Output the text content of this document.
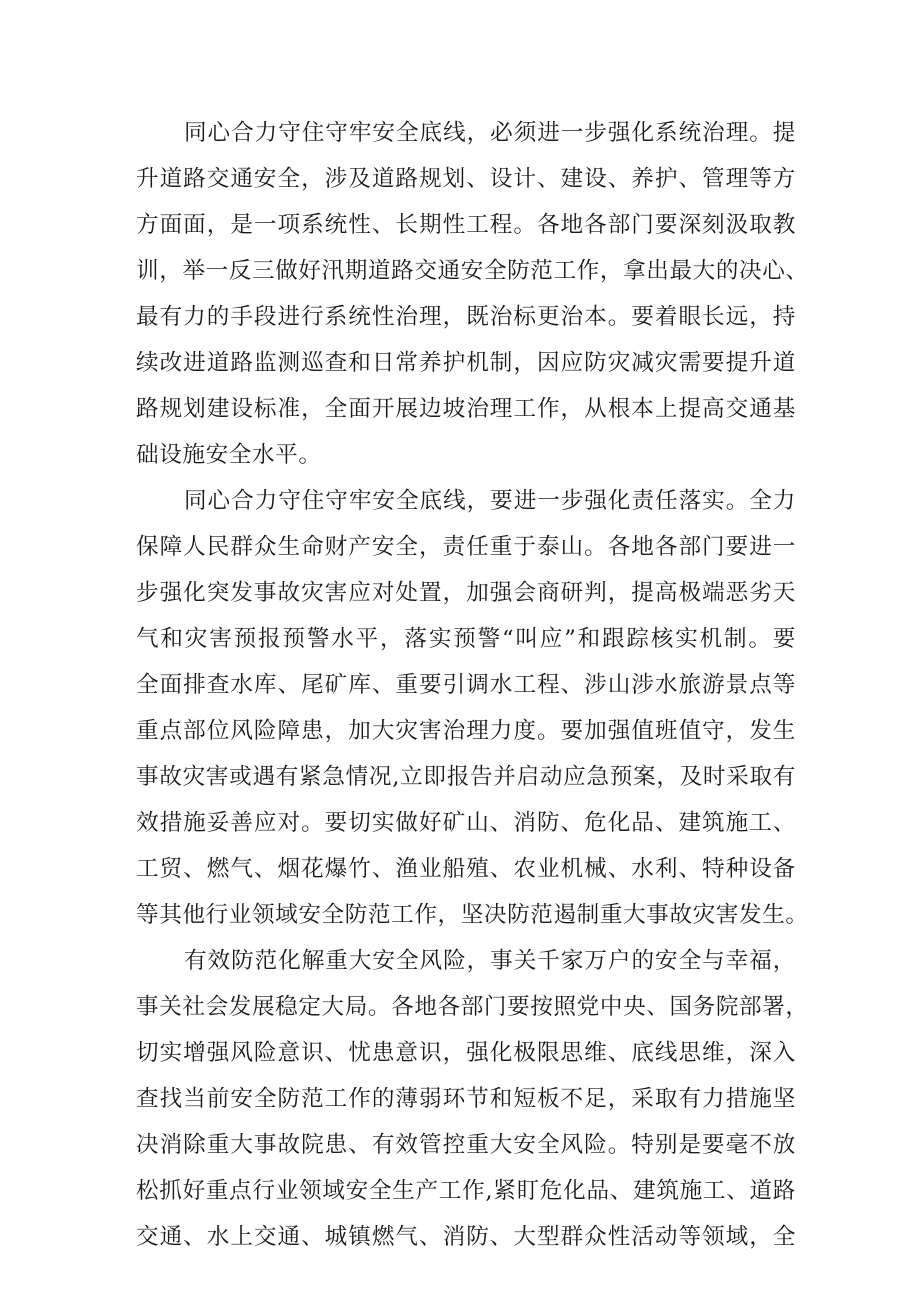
同心合力守住守牢安全底线，必须进一步强化系统治理。提
升道路交通安全，涉及道路规划、设计、建设、养护、管理等方
方面面，是一项系统性、长期性工程。各地各部门要深刻汲取教
训，举一反三做好汛期道路交通安全防范工作，拿出最大的决心、
最有力的手段进行系统性治理，既治标更治本。要着眼长远，持
续改进道路监测巡查和日常养护机制，因应防灾减灾需要提升道
路规划建设标准，全面开展边坡治理工作，从根本上提高交通基
础设施安全水平。
同心合力守住守牢安全底线，要进一步强化责任落实。全力
保障人民群众生命财产安全，责任重于泰山。各地各部门要进一
步强化突发事故灾害应对处置，加强会商研判，提高极端恶劣天
气和灾害预报预警水平，落实预警“叫应”和跟踪核实机制。要
全面排查水库、尾矿库、重要引调水工程、涉山涉水旅游景点等
重点部位风险障患，加大灾害治理力度。要加强值班值守，发生
事故灾害或遇有紧急情况,立即报告并启动应急预案，及时采取有
效措施妥善应对。要切实做好矿山、消防、危化品、建筑施工、
工贸、燃气、烟花爆竹、渔业船殖、农业机械、水利、特种设备
等其他行业领域安全防范工作，坚决防范遏制重大事故灾害发生。
有效防范化解重大安全风险，事关千家万户的安全与幸福，
事关社会发展稳定大局。各地各部门要按照党中央、国务院部署，
切实增强风险意识、忧患意识，强化极限思维、底线思维，深入
查找当前安全防范工作的薄弱环节和短板不足，采取有力措施坚
决消除重大事故院患、有效管控重大安全风险。特别是要毫不放
松抓好重点行业领域安全生产工作,紧盯危化品、建筑施工、道路
交通、水上交通、城镇燃气、消防、大型群众性活动等领域，全
